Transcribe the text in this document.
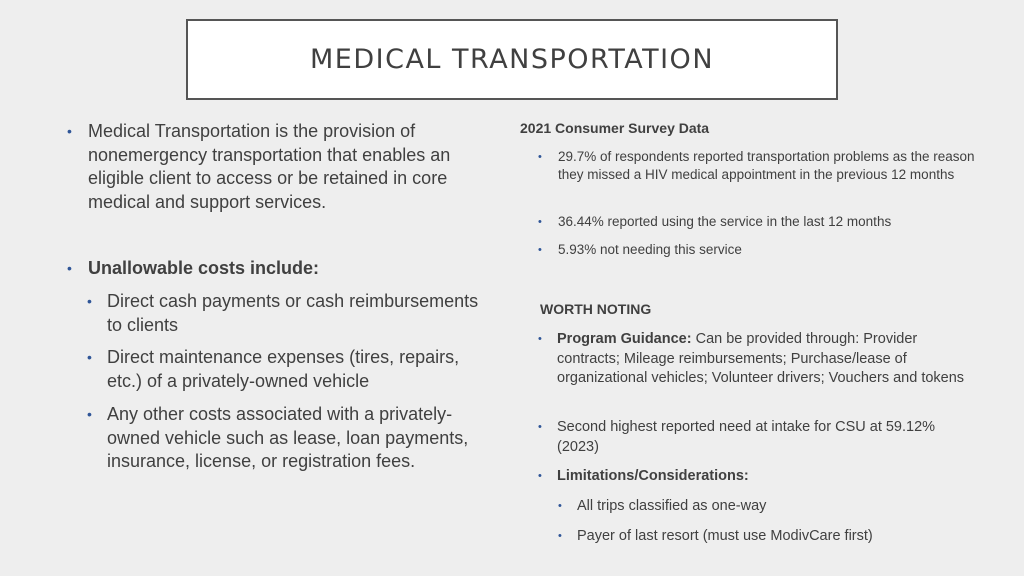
MEDICAL TRANSPORTATION
• Medical Transportation is the provision of nonemergency transportation that enables an eligible client to access or be retained in core medical and support services.
• Unallowable costs include:
• Direct cash payments or cash reimbursements to clients
• Direct maintenance expenses (tires, repairs, etc.) of a privately-owned vehicle
• Any other costs associated with a privately-owned vehicle such as lease, loan payments, insurance, license, or registration fees.
2021 Consumer Survey Data
•	29.7% of respondents reported transportation problems as the reason they missed a HIV medical appointment in the previous 12 months
•	36.44% reported using the service in the last 12 months
•	5.93% not needing this service
WORTH NOTING
•	Program Guidance: Can be provided through: Provider contracts; Mileage reimbursements; Purchase/lease of organizational vehicles; Volunteer drivers; Vouchers and tokens
•	Second highest reported need at intake for CSU at 59.12% (2023)
•	Limitations/Considerations:
•	All trips classified as one-way
•	Payer of last resort (must use ModivCare first)
